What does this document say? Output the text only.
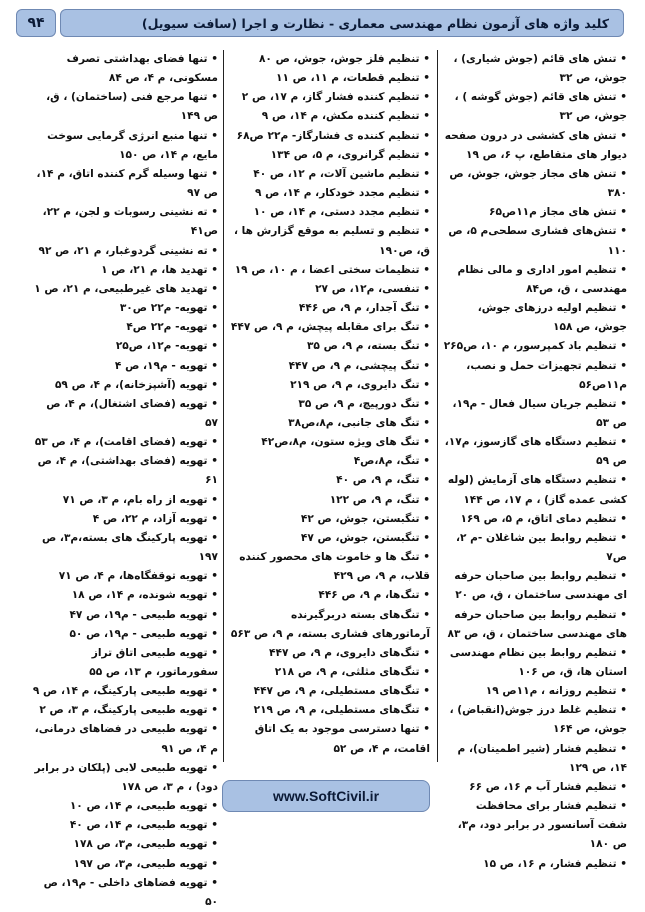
کلید واژه های آزمون نظام مهندسی معماری - نظارت و اجرا (سافت سیویل)
۹۴

• تنش های قائم (جوش شیاری) ، جوش، ص ۳۲

• تنش های قائم (جوش گوشه ) ، جوش، ص ۳۲

• تنش های کششی در درون صفحه دیوار های متقاطع، پ ۶، ص ۱۹

• تنش های مجاز جوش، جوش، ص ۳۸۰

• تنش های مجاز م۱۱ص۶۵

• تنش‌های فشاری سطحی‌م ۵، ص ۱۱۰

• تنظیم امور اداری و مالی نظام مهندسی ، ق، ص۸۴

• تنظیم اولیه درزهای جوش، جوش، ص ۱۵۸

• تنظیم باد کمپرسور، م ۱۰، ص۲۶۵

• تنظیم تجهیزات حمل و نصب، م۱۱ص۵۶

• تنظیم جریان سیال فعال - م۱۹، ص ۵۳

• تنظیم دستگاه های گازسوز، م۱۷، ص ۵۹

• تنظیم دستگاه های آزمایش (لوله کشی عمده گاز) ، م ۱۷، ص ۱۴۴

• تنظیم دمای اتاق، م ۵، ص ۱۶۹

• تنظیم روابط بین شاغلان -م ۲، ص۷

• تنظیم روابط بین صاحبان حرفه ای مهندسی ساختمان ، ق، ص ۲۰

• تنظیم روابط بین صاحبان حرفه های مهندسی ساختمان ، ق، ص ۸۳

• تنظیم روابط بین نظام مهندسی استان ها، ق، ص ۱۰۶

• تنظیم روزانه ، م۱۱ص ۱۹

• تنظیم غلط درز جوش(انقباض) ، جوش، ص ۱۶۴

• تنظیم فشار (شیر اطمینان)، م ۱۴، ص ۱۲۹

• تنظیم فشار آب م ۱۶، ص ۶۶

• تنظیم فشار برای محافظت شفت آسانسور در برابر دود، م۳، ص ۱۸۰

• تنظیم فشار، م ۱۶، ص ۱۵

• تنظیم فلز جوش، جوش، ص ۸۰

• تنظیم قطعات، م ۱۱، ص ۱۱

• تنظیم کننده فشار گاز، م ۱۷، ص ۲

• تنظیم کننده مکش، م ۱۴، ص ۹

• تنظیم کننده ی فشارگاز- م۲۲ ص۶۸

• تنظیم گرانروی، م ۵، ص ۱۳۴

• تنظیم ماشین آلات، م ۱۲، ص ۴۰

• تنظیم مجدد خودکار، م ۱۴، ص ۹

• تنظیم مجدد دستی، م ۱۴، ص ۱۰

• تنظیم و تسلیم به موقع گزارش ها ، ق، ص۱۹۰

• تنظیمات سختی اعضا ، م ۱۰، ص ۱۹

• تنفسی، م۱۲، ص ۲۷

• تنگ آجدار، م ۹، ص ۴۴۶

• تنگ برای مقابله پیچش، م ۹، ص ۴۴۷

• تنگ بسته، م ۹، ص ۳۵

• تنگ پیچشی، م ۹، ص ۴۴۷

• تنگ دایروی، م ۹، ص ۲۱۹

• تنگ دورپیچ، م ۹، ص ۳۵

• تنگ های جانبی، م۸،ص۳۸

• تنگ های ویژه ستون، م۸،ص۴۲

• تنگ، م۸،ص۴

• تنگ، م ۹، ص ۴۰

• تنگ، م ۹، ص ۱۲۲

• تنگبستن، جوش، ص ۴۲

• تنگبستن، جوش، ص ۴۷

• تنگ ها و خاموت های محصور کننده قلاب، م ۹، ص ۴۲۹

• تنگ‌ها، م ۹، ص ۴۴۶

• تنگ‌های بسته دربرگیرنده آرماتورهای فشاری بسته، م ۹، ص ۵۶۳

• تنگ‌های دایروی، م ۹، ص ۴۴۷

• تنگ‌های مثلثی، م ۹، ص ۲۱۸

• تنگ‌های مستطیلی، م ۹، ص ۴۴۷

• تنگ‌های مستطیلی، م ۹، ص ۲۱۹

• تنها دسترسی موجود به یک اتاق اقامت، م ۴، ص ۵۲

• تنها فضای بهداشتی تصرف مسکونی، م ۴، ص ۸۴

• تنها مرجع فنی (ساختمان) ، ق، ص ۱۴۹

• تنها منبع انرژی گرمایی سوخت مایع، م ۱۴، ص ۱۵۰

• تنها وسیله گرم کننده اتاق، م ۱۴، ص ۹۷

• ته نشینی رسوبات و لجن، م ۲۲، ص۴۱

• ته نشینی گردوغبار، م ۲۱، ص ۹۲

• تهدید ها، م ۲۱، ص ۱

• تهدید های غیرطبیعی، م ۲۱، ص ۱

• تهویه- م۲۲ ص۳۰

• تهویه- م۲۲ ص۴

• تهویه- م۱۲، ص۲۵

• تهویه - م۱۹، ص ۴

• تهویه (آشپزخانه)، م ۴، ص ۵۹

• تهویه (فضای اشتغال)، م ۴، ص ۵۷

• تهویه (فضای اقامت)، م ۴، ص ۵۳

• تهویه (فضای بهداشتی)، م ۴، ص ۶۱

• تهویه از راه بام، م ۳، ص ۷۱

• تهویه آزاد، م ۲۲، ص ۴

• تهویه پارکینگ های بسته،م۳، ص ۱۹۷

• تهویه توقفگاه‌ها، م ۴، ص ۷۱

• تهویه شونده، م ۱۴، ص ۱۸

• تهویه طبیعی - م۱۹، ص ۴۷

• تهویه طبیعی - م۱۹، ص ۵۰

• تهویه طبیعی اتاق تراز سفورماتور، م ۱۳، ص ۵۵

• تهویه طبیعی پارکینگ، م ۱۴، ص ۹

• تهویه طبیعی پارکینگ، م ۳، ص ۲

• تهویه طبیعی در فضاهای درمانی، م ۴، ص ۹۱

• تهویه طبیعی لابی (پلکان در برابر دود) ، م ۳، ص ۱۷۸

• تهویه طبیعی، م ۱۴، ص ۱۰

• تهویه طبیعی، م ۱۴، ص ۴۰

• تهویه طبیعی، م۳، ص ۱۷۸

• تهویه طبیعی، م۳، ص ۱۹۷

• تهویه فضاهای داخلی - م۱۹، ص ۵۰

www.SoftCivil.ir
